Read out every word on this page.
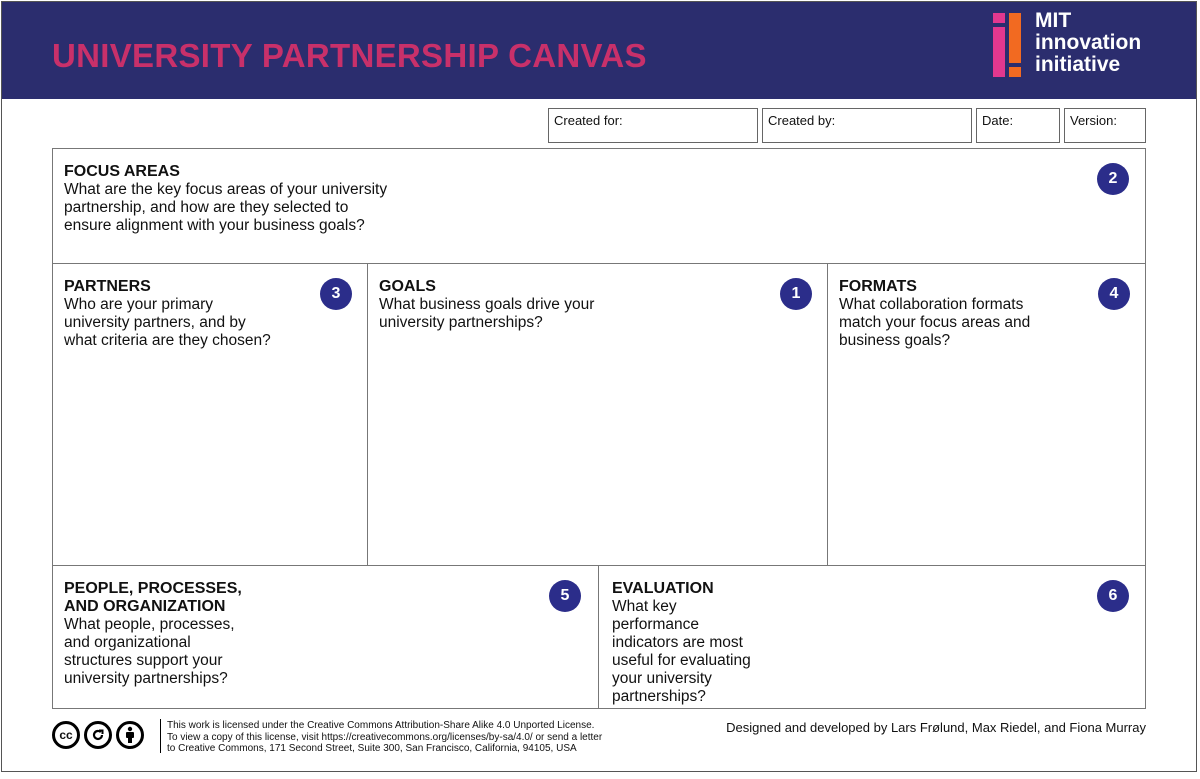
UNIVERSITY PARTNERSHIP CANVAS
MIT
innovation
initiative
Created for:	Created by:	Date:	Version:
FOCUS AREAS
What are the key focus areas of your university
partnership, and how are they selected to
ensure alignment with your business goals?
2
PARTNERS
Who are your primary
university partners, and by
what criteria are they chosen?
3	GOALS
What business goals drive your
university partnerships?
1	FORMATS
What collaboration formats
match your focus areas and
business goals?
4
PEOPLE, PROCESSES,
AND ORGANIZATION
What people, processes,
and organizational
structures support your
university partnerships?
5	EVALUATION
What key
performance
indicators are most
useful for evaluating
your university
partnerships?
6
cc
This work is licensed under the Creative Commons Attribution-Share Alike 4.0 Unported License.
To view a copy of this license, visit https://creativecommons.org/licenses/by-sa/4.0/ or send a letter
to Creative Commons, 171 Second Street, Suite 300, San Francisco, California, 94105, USA
Designed and developed by Lars Frølund, Max Riedel, and Fiona Murray
